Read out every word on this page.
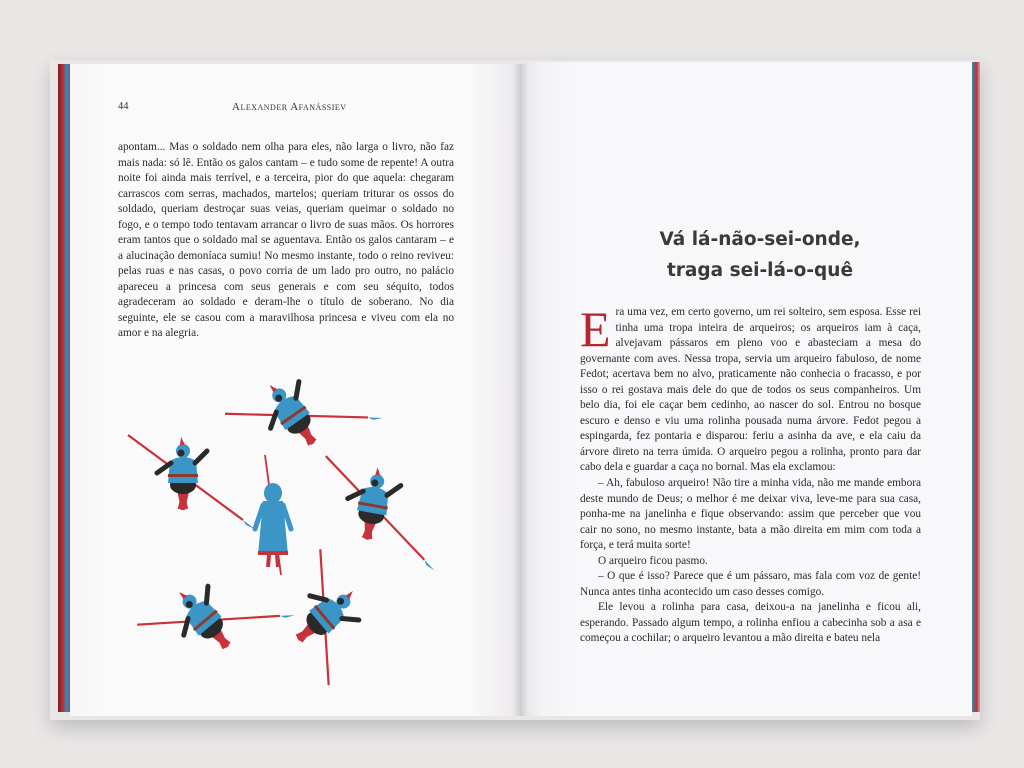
44	Alexander Afanássiev

apontam... Mas o soldado nem olha para eles, não larga o livro, não faz mais nada: só lê. Então os galos cantam – e tudo some de repente! A outra noite foi ainda mais terrível, e a terceira, pior do que aquela: chegaram carrascos com serras, machados, martelos; queriam triturar os ossos do soldado, queriam destroçar suas veias, queriam queimar o soldado no fogo, e o tempo todo tentavam arrancar o livro de suas mãos. Os horrores eram tantos que o soldado mal se aguentava. Então os galos cantaram – e a alucinação demoníaca sumiu! No mesmo instante, todo o reino reviveu: pelas ruas e nas casas, o povo corria de um lado pro outro, no palácio apareceu a princesa com seus generais e com seu séquito, todos agradeceram ao soldado e deram-lhe o título de soberano. No dia seguinte, ele se casou com a maravilhosa princesa e viveu com ela no amor e na alegria.

Vá lá-não-sei-onde,
traga sei-lá-o-quê

Era uma vez, em certo governo, um rei solteiro, sem esposa. Esse rei tinha uma tropa inteira de arqueiros; os arqueiros iam à caça, alvejavam pássaros em pleno voo e abasteciam a mesa do governante com aves. Nessa tropa, servia um arqueiro fabuloso, de nome Fedot; acertava bem no alvo, praticamente não conhecia o fracasso, e por isso o rei gostava mais dele do que de todos os seus companheiros. Um belo dia, foi ele caçar bem cedinho, ao nascer do sol. Entrou no bosque escuro e denso e viu uma rolinha pousada numa árvore. Fedot pegou a espingarda, fez pontaria e disparou: feriu a asinha da ave, e ela caiu da árvore direto na terra úmida. O arqueiro pegou a rolinha, pronto para dar cabo dela e guardar a caça no bornal. Mas ela exclamou:

– Ah, fabuloso arqueiro! Não tire a minha vida, não me mande embora deste mundo de Deus; o melhor é me deixar viva, leve-me para sua casa, ponha-me na janelinha e fique observando: assim que perceber que vou cair no sono, no mesmo instante, bata a mão direita em mim com toda a força, e terá muita sorte!

O arqueiro ficou pasmo.

– O que é isso? Parece que é um pássaro, mas fala com voz de gente! Nunca antes tinha acontecido um caso desses comigo.

Ele levou a rolinha para casa, deixou-a na janelinha e ficou ali, esperando. Passado algum tempo, a rolinha enfiou a cabecinha sob a asa e começou a cochilar; o arqueiro levantou a mão direita e bateu nela
